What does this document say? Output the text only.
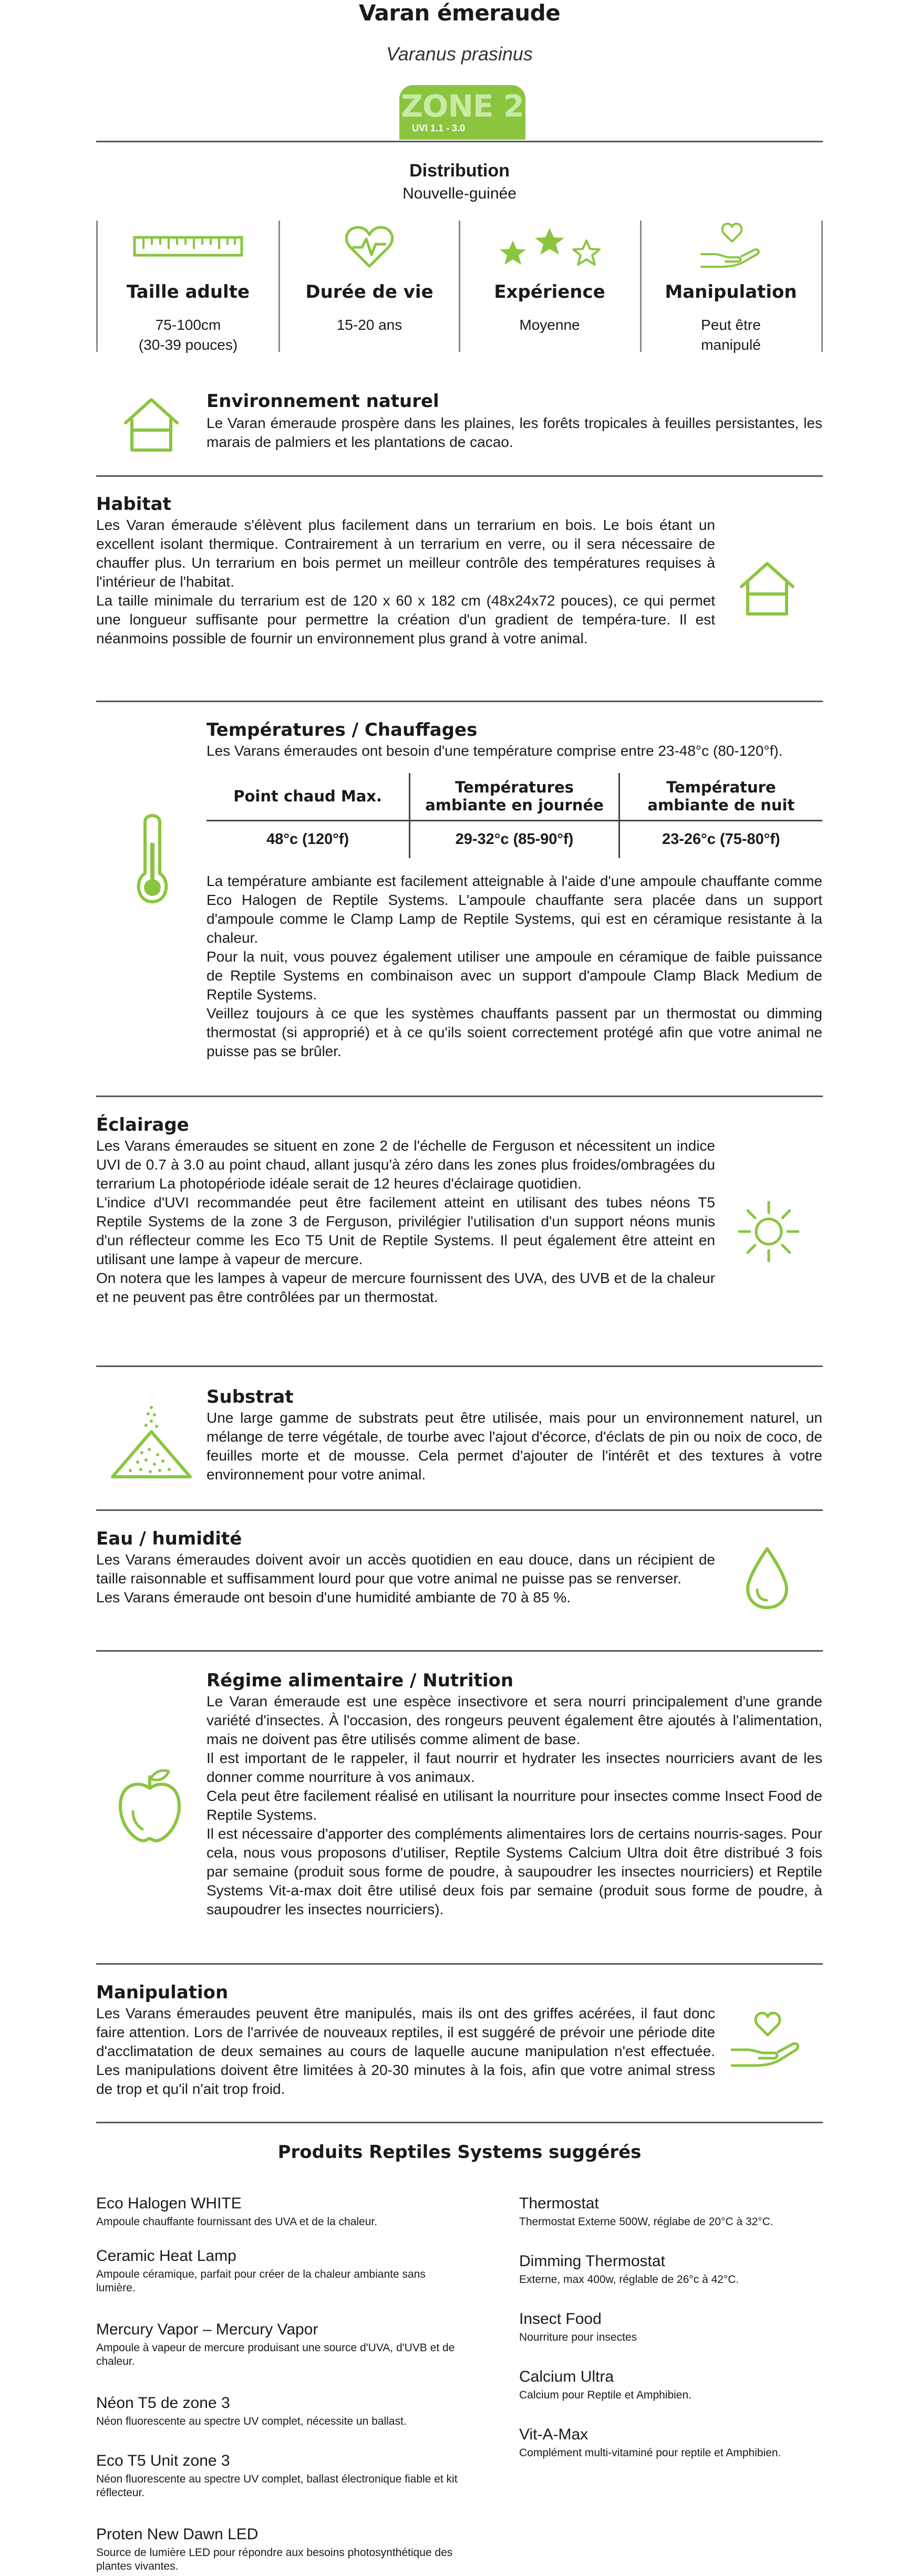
Varan émeraude
Varanus prasinus
ZONE 2
UVI 1.1 - 3.0
Distribution
Nouvelle-guinée
Taille adulte
75-100cm
(30-39 pouces)
Durée de vie
15-20 ans
Expérience
Moyenne
Manipulation
Peut être
manipulé
Environnement naturel
Le Varan émeraude prospère dans les plaines, les forêts tropicales à feuilles persistantes, les marais de palmiers et les plantations de cacao.
Habitat
Les Varan émeraude s'élèvent plus facilement dans un terrarium en bois. Le bois étant un excellent isolant thermique. Contrairement à un terrarium en verre, ou il sera nécessaire de chauffer plus. Un terrarium en bois permet un meilleur contrôle des températures requises à l'intérieur de l'habitat.
La taille minimale du terrarium est de 120 x 60 x 182 cm (48x24x72 pouces), ce qui permet une longueur suffisante pour permettre la création d'un gradient de tempéra-ture. Il est néanmoins possible de fournir un environnement plus grand à votre animal.
Températures / Chauffages
Les Varans émeraudes ont besoin d'une température comprise entre 23-48°c (80-120°f).
Point chaud Max.	Températures ambiante en journée	Température ambiante de nuit
48°c (120°f)	29-32°c (85-90°f)	23-26°c (75-80°f)
La température ambiante est facilement atteignable à l'aide d'une ampoule chauffante comme Eco Halogen de Reptile Systems. L'ampoule chauffante sera placée dans un support d'ampoule comme le Clamp Lamp de Reptile Systems, qui est en céramique resistante à la chaleur.
Pour la nuit, vous pouvez également utiliser une ampoule en céramique de faible puissance de Reptile Systems en combinaison avec un support d'ampoule Clamp Black Medium de Reptile Systems.
Veillez toujours à ce que les systèmes chauffants passent par un thermostat ou dimming thermostat (si approprié) et à ce qu'ils soient correctement protégé afin que votre animal ne puisse pas se brûler.
Éclairage
Les Varans émeraudes se situent en zone 2 de l'échelle de Ferguson et nécessitent un indice UVI de 0.7 à 3.0 au point chaud, allant jusqu'à zéro dans les zones plus froides/ombragées du terrarium La photopériode idéale serait de 12 heures d'éclairage quotidien.
L'indice d'UVI recommandée peut être facilement atteint en utilisant des tubes néons T5 Reptile Systems de la zone 3 de Ferguson, privilégier l'utilisation d'un support néons munis d'un réflecteur comme les Eco T5 Unit de Reptile Systems. Il peut également être atteint en utilisant une lampe à vapeur de mercure.
On notera que les lampes à vapeur de mercure fournissent des UVA, des UVB et de la chaleur et ne peuvent pas être contrôlées par un thermostat.
Substrat
Une large gamme de substrats peut être utilisée, mais pour un environnement naturel, un mélange de terre végétale, de tourbe avec l'ajout d'écorce, d'éclats de pin ou noix de coco, de feuilles morte et de mousse. Cela permet d'ajouter de l'intérêt et des textures à votre environnement pour votre animal.
Eau / humidité
Les Varans émeraudes doivent avoir un accès quotidien en eau douce, dans un récipient de taille raisonnable et suffisamment lourd pour que votre animal ne puisse pas se renverser.
Les Varans émeraude ont besoin d'une humidité ambiante de 70 à 85 %.
Régime alimentaire / Nutrition
Le Varan émeraude est une espèce insectivore et sera nourri principalement d'une grande variété d'insectes. À l'occasion, des rongeurs peuvent également être ajoutés à l'alimentation, mais ne doivent pas être utilisés comme aliment de base.
Il est important de le rappeler, il faut nourrir et hydrater les insectes nourriciers avant de les donner comme nourriture à vos animaux.
Cela peut être facilement réalisé en utilisant la nourriture pour insectes comme Insect Food de Reptile Systems.
Il est nécessaire d'apporter des compléments alimentaires lors de certains nourris-sages. Pour cela, nous vous proposons d'utiliser, Reptile Systems Calcium Ultra doit être distribué 3 fois par semaine (produit sous forme de poudre, à saupoudrer les insectes nourriciers) et Reptile Systems Vit-a-max doit être utilisé deux fois par semaine (produit sous forme de poudre, à saupoudrer les insectes nourriciers).
Manipulation
Les Varans émeraudes peuvent être manipulés, mais ils ont des griffes acérées, il faut donc faire attention. Lors de l'arrivée de nouveaux reptiles, il est suggéré de prévoir une période dite d'acclimatation de deux semaines au cours de laquelle aucune manipulation n'est effectuée. Les manipulations doivent être limitées à 20-30 minutes à la fois, afin que votre animal stress de trop et qu'il n'ait trop froid.
Produits Reptiles Systems suggérés
Eco Halogen WHITE
Ampoule chauffante fournissant des UVA et de la chaleur.
Ceramic Heat Lamp
Ampoule céramique, parfait pour créer de la chaleur ambiante sans lumière.
Mercury Vapor – Mercury Vapor
Ampoule à vapeur de mercure produisant une source d'UVA, d'UVB et de chaleur.
Néon T5 de zone 3
Néon fluorescente au spectre UV complet, nécessite un ballast.
Eco T5 Unit zone 3
Néon fluorescente au spectre UV complet, ballast électronique fiable et kit réflecteur.
Proten New Dawn LED
Source de lumière LED pour répondre aux besoins photosynthétique des plantes vivantes.
Thermostat
Thermostat Externe 500W, réglabe de 20°C à 32°C.
Dimming Thermostat
Externe, max 400w, réglable de 26°c à 42°C.
Insect Food
Nourriture pour insectes
Calcium Ultra
Calcium pour Reptile et Amphibien.
Vit-A-Max
Complément multi-vitaminé pour reptile et Amphibien.
